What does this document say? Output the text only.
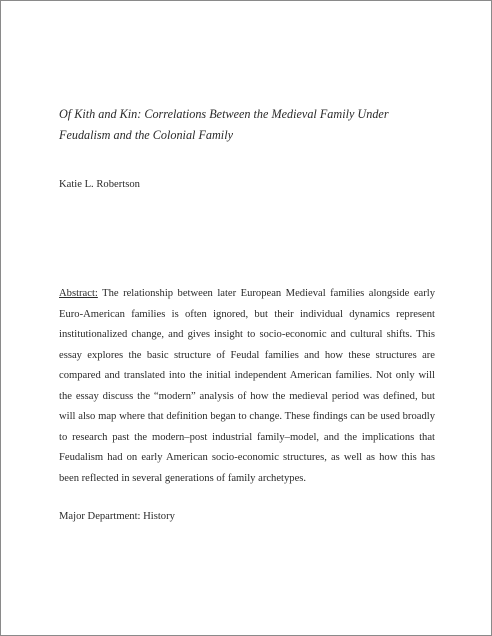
Of Kith and Kin: Correlations Between the Medieval Family Under Feudalism and the Colonial Family
Katie L. Robertson

Abstract: The relationship between later European Medieval families alongside early Euro-American families is often ignored, but their individual dynamics represent institutionalized change, and gives insight to socio-economic and cultural shifts. This essay explores the basic structure of Feudal families and how these structures are compared and translated into the initial independent American families. Not only will the essay discuss the “modern” analysis of how the medieval period was defined, but will also map where that definition began to change. These findings can be used broadly to research past the modern–post industrial family–model, and the implications that Feudalism had on early American socio-economic structures, as well as how this has been reflected in several generations of family archetypes.

Major Department: History
